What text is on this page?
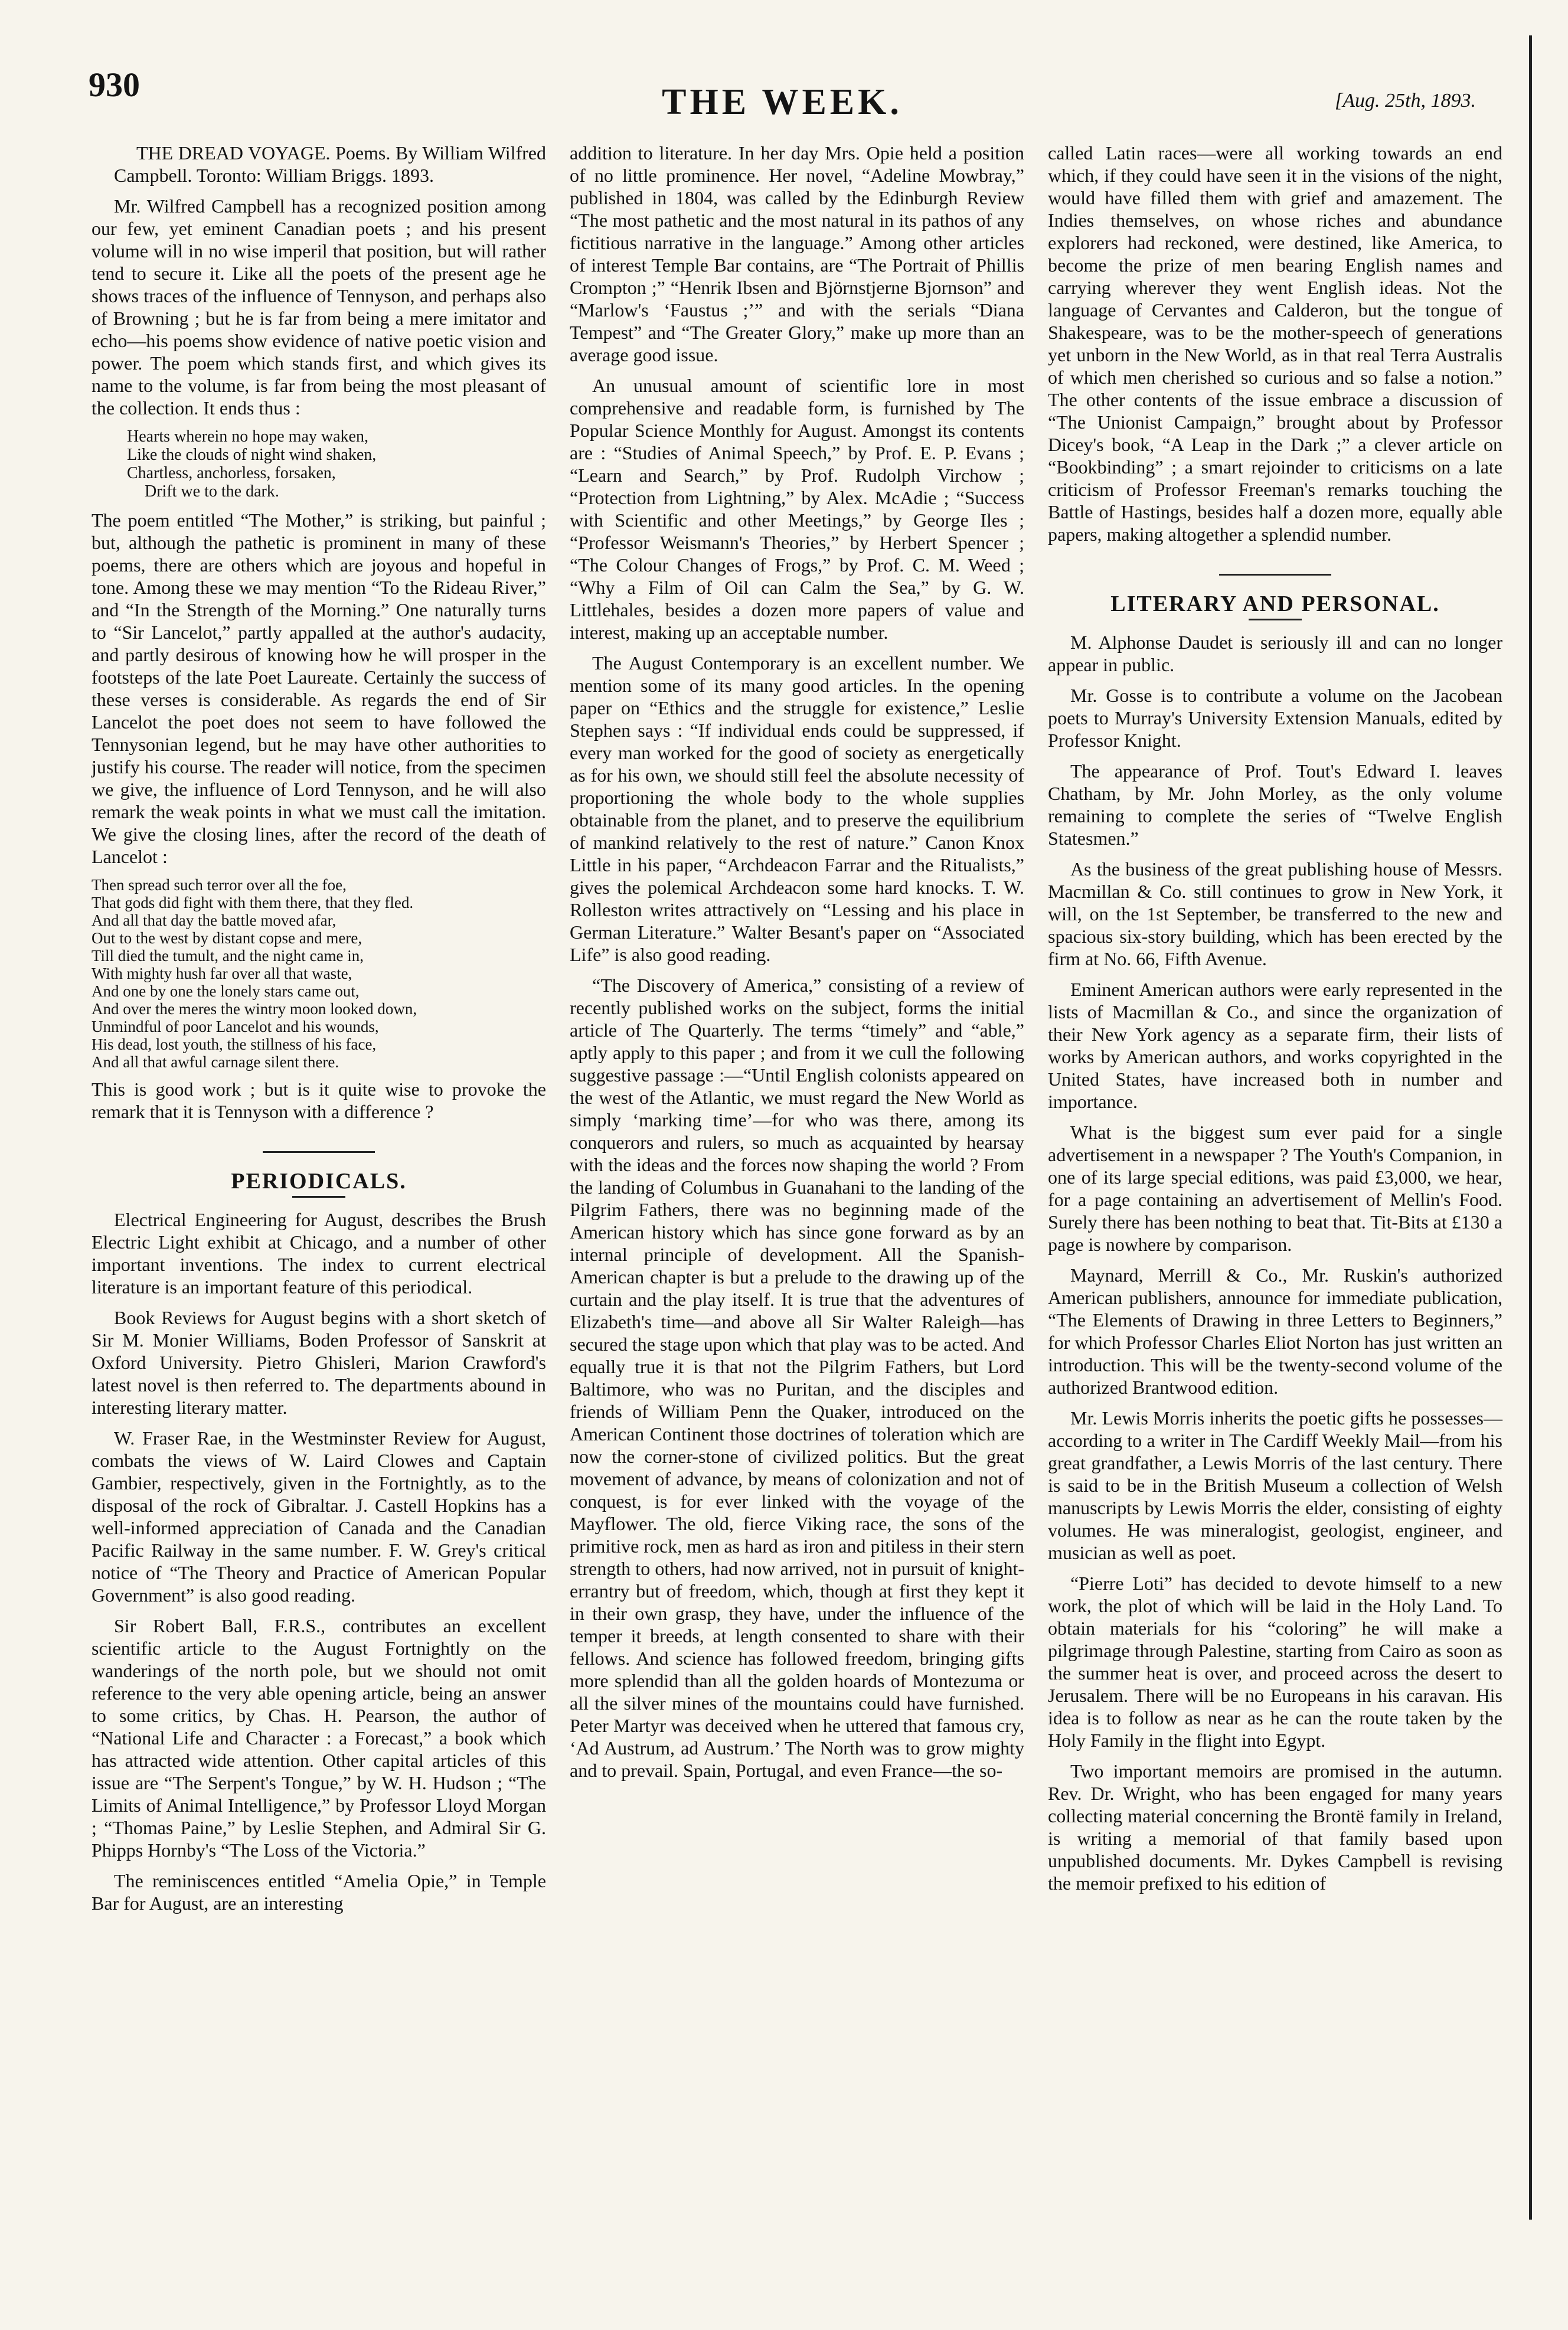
930	THE WEEK.	[Aug. 25th, 1893.

THE DREAD VOYAGE. Poems. By William Wilfred Campbell. Toronto: William Briggs. 1893.

Mr. Wilfred Campbell has a recognized position among our few, yet eminent Canadian poets ; and his present volume will in no wise imperil that position, but will rather tend to secure it. Like all the poets of the present age he shows traces of the influence of Tennyson, and perhaps also of Browning ; but he is far from being a mere imitator and echo—his poems show evidence of native poetic vision and power. The poem which stands first, and which gives its name to the volume, is far from being the most pleasant of the collection. It ends thus :

Hearts wherein no hope may waken,
Like the clouds of night wind shaken,
Chartless, anchorless, forsaken,
Drift we to the dark.

The poem entitled “The Mother,” is striking, but painful ; but, although the pathetic is prominent in many of these poems, there are others which are joyous and hopeful in tone. Among these we may mention “To the Rideau River,” and “In the Strength of the Morning.” One naturally turns to “Sir Lancelot,” partly appalled at the author's audacity, and partly desirous of knowing how he will prosper in the footsteps of the late Poet Laureate. Certainly the success of these verses is considerable. As regards the end of Sir Lancelot the poet does not seem to have followed the Tennysonian legend, but he may have other authorities to justify his course. The reader will notice, from the specimen we give, the influence of Lord Tennyson, and he will also remark the weak points in what we must call the imitation. We give the closing lines, after the record of the death of Lancelot :

Then spread such terror over all the foe,
That gods did fight with them there, that they fled.
And all that day the battle moved afar,
Out to the west by distant copse and mere,
Till died the tumult, and the night came in,
With mighty hush far over all that waste,
And one by one the lonely stars came out,
And over the meres the wintry moon looked down,
Unmindful of poor Lancelot and his wounds,
His dead, lost youth, the stillness of his face,
And all that awful carnage silent there.

This is good work ; but is it quite wise to provoke the remark that it is Tennyson with a difference ?

PERIODICALS.

Electrical Engineering for August, describes the Brush Electric Light exhibit at Chicago, and a number of other important inventions. The index to current electrical literature is an important feature of this periodical.

Book Reviews for August begins with a short sketch of Sir M. Monier Williams, Boden Professor of Sanskrit at Oxford University. Pietro Ghisleri, Marion Crawford's latest novel is then referred to. The departments abound in interesting literary matter.

W. Fraser Rae, in the Westminster Review for August, combats the views of W. Laird Clowes and Captain Gambier, respectively, given in the Fortnightly, as to the disposal of the rock of Gibraltar. J. Castell Hopkins has a well-informed appreciation of Canada and the Canadian Pacific Railway in the same number. F. W. Grey's critical notice of “The Theory and Practice of American Popular Government” is also good reading.

Sir Robert Ball, F.R.S., contributes an excellent scientific article to the August Fortnightly on the wanderings of the north pole, but we should not omit reference to the very able opening article, being an answer to some critics, by Chas. H. Pearson, the author of “National Life and Character : a Forecast,” a book which has attracted wide attention. Other capital articles of this issue are “The Serpent's Tongue,” by W. H. Hudson ; “The Limits of Animal Intelligence,” by Professor Lloyd Morgan ; “Thomas Paine,” by Leslie Stephen, and Admiral Sir G. Phipps Hornby's “The Loss of the Victoria.”

The reminiscences entitled “Amelia Opie,” in Temple Bar for August, are an interesting

addition to literature. In her day Mrs. Opie held a position of no little prominence. Her novel, “Adeline Mowbray,” published in 1804, was called by the Edinburgh Review “The most pathetic and the most natural in its pathos of any fictitious narrative in the language.” Among other articles of interest Temple Bar contains, are “The Portrait of Phillis Crompton ;” “Henrik Ibsen and Björnstjerne Bjornson” and “Marlow's ‘Faustus ;’” and with the serials “Diana Tempest” and “The Greater Glory,” make up more than an average good issue.

An unusual amount of scientific lore in most comprehensive and readable form, is furnished by The Popular Science Monthly for August. Amongst its contents are : “Studies of Animal Speech,” by Prof. E. P. Evans ; “Learn and Search,” by Prof. Rudolph Virchow ; “Protection from Lightning,” by Alex. McAdie ; “Success with Scientific and other Meetings,” by George Iles ; “Professor Weismann's Theories,” by Herbert Spencer ; “The Colour Changes of Frogs,” by Prof. C. M. Weed ; “Why a Film of Oil can Calm the Sea,” by G. W. Littlehales, besides a dozen more papers of value and interest, making up an acceptable number.

The August Contemporary is an excellent number. We mention some of its many good articles. In the opening paper on “Ethics and the struggle for existence,” Leslie Stephen says : “If individual ends could be suppressed, if every man worked for the good of society as energetically as for his own, we should still feel the absolute necessity of proportioning the whole body to the whole supplies obtainable from the planet, and to preserve the equilibrium of mankind relatively to the rest of nature.” Canon Knox Little in his paper, “Archdeacon Farrar and the Ritualists,” gives the polemical Archdeacon some hard knocks. T. W. Rolleston writes attractively on “Lessing and his place in German Literature.” Walter Besant's paper on “Associated Life” is also good reading.

“The Discovery of America,” consisting of a review of recently published works on the subject, forms the initial article of The Quarterly. The terms “timely” and “able,” aptly apply to this paper ; and from it we cull the following suggestive passage :—“Until English colonists appeared on the west of the Atlantic, we must regard the New World as simply ‘marking time’—for who was there, among its conquerors and rulers, so much as acquainted by hearsay with the ideas and the forces now shaping the world ? From the landing of Columbus in Guanahani to the landing of the Pilgrim Fathers, there was no beginning made of the American history which has since gone forward as by an internal principle of development. All the Spanish-American chapter is but a prelude to the drawing up of the curtain and the play itself. It is true that the adventures of Elizabeth's time—and above all Sir Walter Raleigh—has secured the stage upon which that play was to be acted. And equally true it is that not the Pilgrim Fathers, but Lord Baltimore, who was no Puritan, and the disciples and friends of William Penn the Quaker, introduced on the American Continent those doctrines of toleration which are now the corner-stone of civilized politics. But the great movement of advance, by means of colonization and not of conquest, is for ever linked with the voyage of the Mayflower. The old, fierce Viking race, the sons of the primitive rock, men as hard as iron and pitiless in their stern strength to others, had now arrived, not in pursuit of knight-errantry but of freedom, which, though at first they kept it in their own grasp, they have, under the influence of the temper it breeds, at length consented to share with their fellows. And science has followed freedom, bringing gifts more splendid than all the golden hoards of Montezuma or all the silver mines of the mountains could have furnished. Peter Martyr was deceived when he uttered that famous cry, ‘Ad Austrum, ad Austrum.’ The North was to grow mighty and to prevail. Spain, Portugal, and even France—the so-

called Latin races—were all working towards an end which, if they could have seen it in the visions of the night, would have filled them with grief and amazement. The Indies themselves, on whose riches and abundance explorers had reckoned, were destined, like America, to become the prize of men bearing English names and carrying wherever they went English ideas. Not the language of Cervantes and Calderon, but the tongue of Shakespeare, was to be the mother-speech of generations yet unborn in the New World, as in that real Terra Australis of which men cherished so curious and so false a notion.” The other contents of the issue embrace a discussion of “The Unionist Campaign,” brought about by Professor Dicey's book, “A Leap in the Dark ;” a clever article on “Bookbinding” ; a smart rejoinder to criticisms on a late criticism of Professor Freeman's remarks touching the Battle of Hastings, besides half a dozen more, equally able papers, making altogether a splendid number.

LITERARY AND PERSONAL.

M. Alphonse Daudet is seriously ill and can no longer appear in public.

Mr. Gosse is to contribute a volume on the Jacobean poets to Murray's University Extension Manuals, edited by Professor Knight.

The appearance of Prof. Tout's Edward I. leaves Chatham, by Mr. John Morley, as the only volume remaining to complete the series of “Twelve English Statesmen.”

As the business of the great publishing house of Messrs. Macmillan & Co. still continues to grow in New York, it will, on the 1st September, be transferred to the new and spacious six-story building, which has been erected by the firm at No. 66, Fifth Avenue.

Eminent American authors were early represented in the lists of Macmillan & Co., and since the organization of their New York agency as a separate firm, their lists of works by American authors, and works copyrighted in the United States, have increased both in number and importance.

What is the biggest sum ever paid for a single advertisement in a newspaper ? The Youth's Companion, in one of its large special editions, was paid £3,000, we hear, for a page containing an advertisement of Mellin's Food. Surely there has been nothing to beat that. Tit-Bits at £130 a page is nowhere by comparison.

Maynard, Merrill & Co., Mr. Ruskin's authorized American publishers, announce for immediate publication, “The Elements of Drawing in three Letters to Beginners,” for which Professor Charles Eliot Norton has just written an introduction. This will be the twenty-second volume of the authorized Brantwood edition.

Mr. Lewis Morris inherits the poetic gifts he possesses—according to a writer in The Cardiff Weekly Mail—from his great grandfather, a Lewis Morris of the last century. There is said to be in the British Museum a collection of Welsh manuscripts by Lewis Morris the elder, consisting of eighty volumes. He was mineralogist, geologist, engineer, and musician as well as poet.

“Pierre Loti” has decided to devote himself to a new work, the plot of which will be laid in the Holy Land. To obtain materials for his “coloring” he will make a pilgrimage through Palestine, starting from Cairo as soon as the summer heat is over, and proceed across the desert to Jerusalem. There will be no Europeans in his caravan. His idea is to follow as near as he can the route taken by the Holy Family in the flight into Egypt.

Two important memoirs are promised in the autumn. Rev. Dr. Wright, who has been engaged for many years collecting material concerning the Brontë family in Ireland, is writing a memorial of that family based upon unpublished documents. Mr. Dykes Campbell is revising the memoir prefixed to his edition of
